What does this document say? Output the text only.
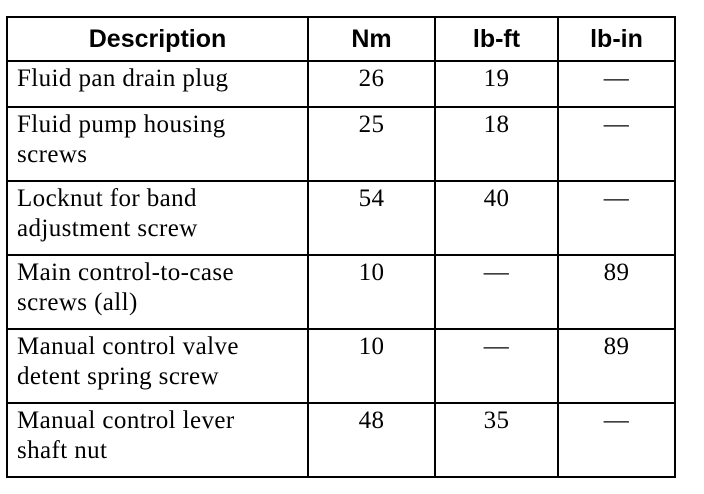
Description	Nm	lb-ft	lb-in

Fluid pan drain plug	26	19	—

Fluid pump housing
screws	25	18	—

Locknut for band
adjustment screw	54	40	—

Main control-to-case
screws (all)	10	—	89

Manual control valve
detent spring screw	10	—	89

Manual control lever
shaft nut	48	35	—
